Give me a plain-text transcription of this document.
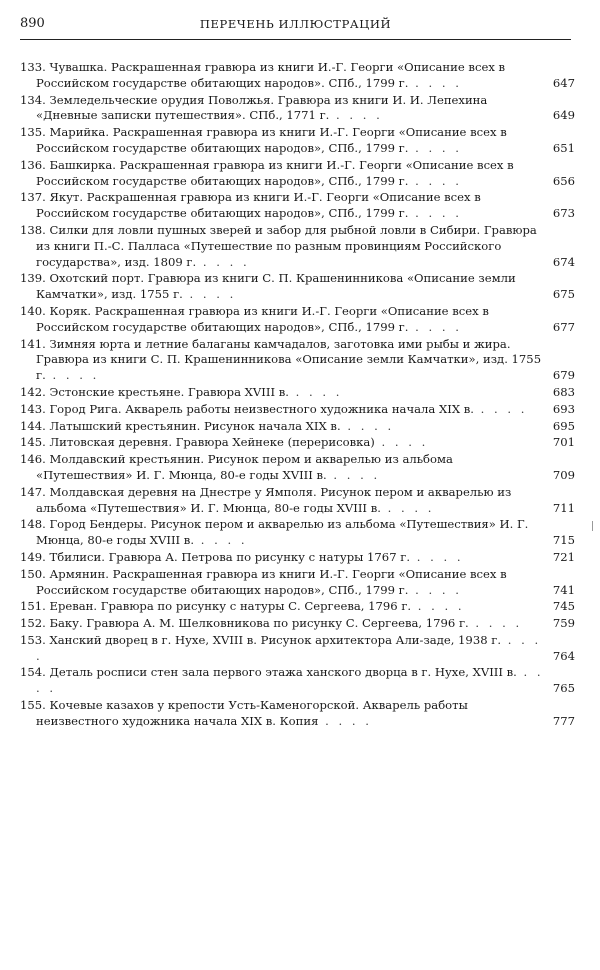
890	ПЕРЕЧЕНЬ ИЛЛЮСТРАЦИЙ
133. Чувашка. Раскрашенная гравюра из книги И.-Г. Георги «Описание всех в Российском государстве обитающих народов». СПб., 1799 г. . . . .	647
134. Земледельческие орудия Поволжья. Гравюра из книги И. И. Лепехина «Дневные записки путешествия». СПб., 1771 г. . . . .	649
135. Марийка. Раскрашенная гравюра из книги И.-Г. Георги «Описание всех в Российском государстве обитающих народов», СПб., 1799 г. . . . .	651
136. Башкирка. Раскрашенная гравюра из книги И.-Г. Георги «Описание всех в Российском государстве обитающих народов», СПб., 1799 г. . . . .	656
137. Якут. Раскрашенная гравюра из книги И.-Г. Георги «Описание всех в Российском государстве обитающих народов», СПб., 1799 г. . . . .	673
138. Силки для ловли пушных зверей и забор для рыбной ловли в Сибири. Гравюра из книги П.-С. Палласа «Путешествие по разным провинциям Российского государства», изд. 1809 г. . . . .	674
139. Охотский порт. Гравюра из книги С. П. Крашенинникова «Описание земли Камчатки», изд. 1755 г. . . . .	675
140. Коряк. Раскрашенная гравюра из книги И.-Г. Георги «Описание всех в Российском государстве обитающих народов», СПб., 1799 г. . . . .	677
141. Зимняя юрта и летние балаганы камчадалов, заготовка ими рыбы и жира. Гравюра из книги С. П. Крашенинникова «Описание земли Камчатки», изд. 1755 г. . . . .	679
142. Эстонские крестьяне. Гравюра XVIII в. . . . .	683
143. Город Рига. Акварель работы неизвестного художника начала XIX в. . . . .	693
144. Латышский крестьянин. Рисунок начала XIX в. . . . .	695
145. Литовская деревня. Гравюра Хейнеке (перерисовка) . . . .	701
146. Молдавский крестьянин. Рисунок пером и акварелью из альбома «Путешествия» И. Г. Мюнца, 80-е годы XVIII в. . . . .	709
147. Молдавская деревня на Днестре у Ямполя. Рисунок пером и акварелью из альбома «Путешествия» И. Г. Мюнца, 80-е годы XVIII в. . . . .	711
148. Город Бендеры. Рисунок пером и акварелью из альбома «Путешествия» И. Г. Мюнца, 80-е годы XVIII в. . . . .	715
149. Тбилиси. Гравюра А. Петрова по рисунку с натуры 1767 г. . . . .	721
150. Армянин. Раскрашенная гравюра из книги И.-Г. Георги «Описание всех в Российском государстве обитающих народов», СПб., 1799 г. . . . .	741
151. Ереван. Гравюра по рисунку с натуры С. Сергеева, 1796 г. . . . .	745
152. Баку. Гравюра А. М. Шелковникова по рисунку С. Сергеева, 1796 г. . . . .	759
153. Ханский дворец в г. Нухе, XVIII в. Рисунок архитектора Али-заде, 1938 г. . . . .	764
154. Деталь росписи стен зала первого этажа ханского дворца в г. Нухе, XVIII в. . . . .	765
155. Кочевые казахов у крепости Усть-Каменогорской. Акварель работы неизвестного художника начала XIX в. Копия . . . .	777
